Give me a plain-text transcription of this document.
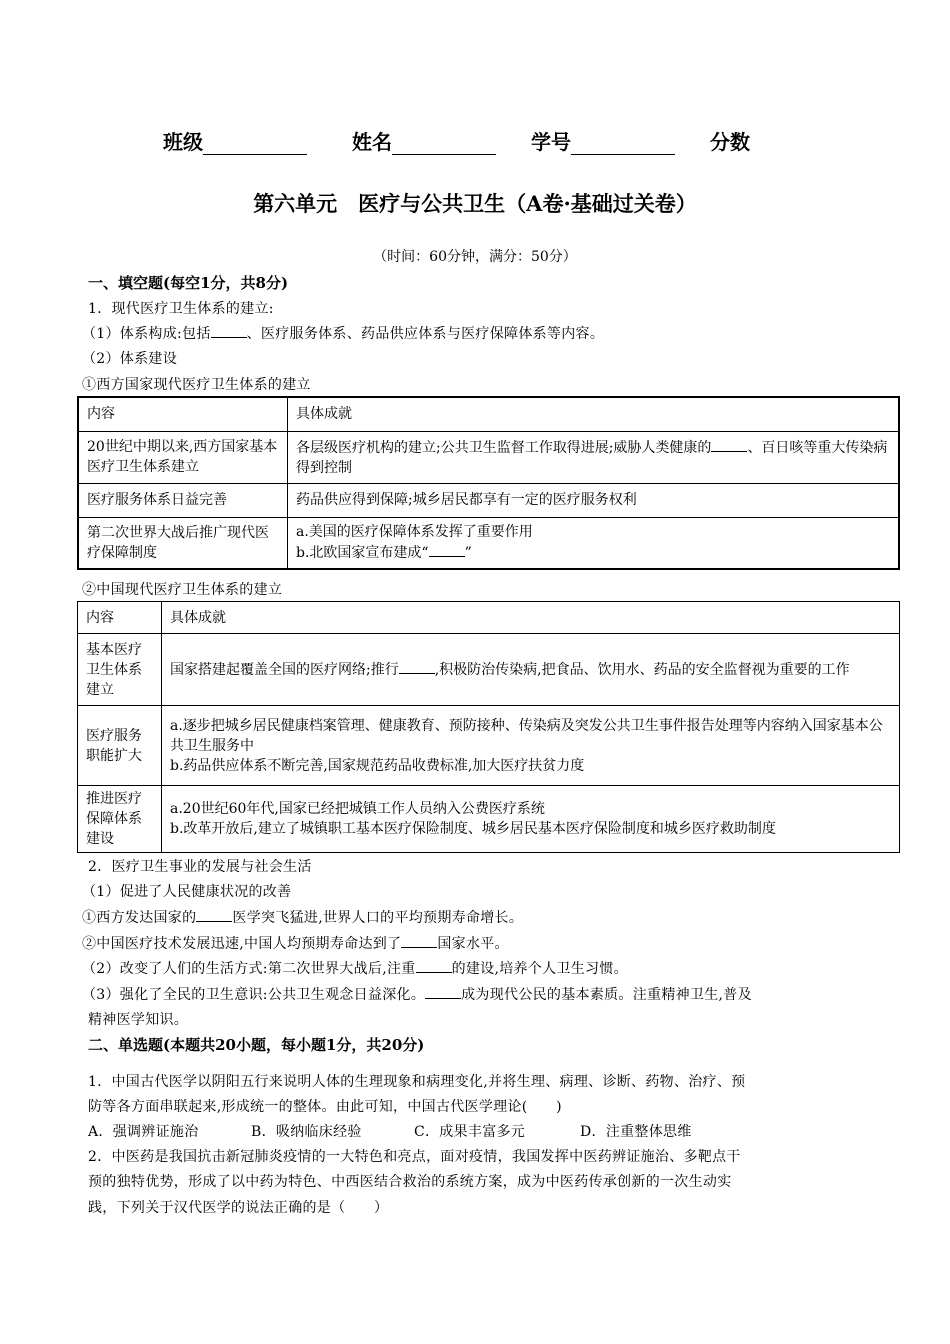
班级	姓名	学号	分数
第六单元　医疗与公共卫生（A卷·基础过关卷）
（时间：60分钟，满分：50分）
一、填空题(每空1分，共8分)
1．现代医疗卫生体系的建立:
（1）体系构成:包括	、医疗服务体系、药品供应体系与医疗保障体系等内容。
（2）体系建设
①西方国家现代医疗卫生体系的建立
内容	具体成就
20世纪中期以来,西方国家基本医疗卫生体系建立	各层级医疗机构的建立;公共卫生监督工作取得进展;威胁人类健康的 、百日咳等重大传染病得到控制
医疗服务体系日益完善	药品供应得到保障;城乡居民都享有一定的医疗服务权利
第二次世界大战后推广现代医疗保障制度	a.美国的医疗保障体系发挥了重要作用
b.北欧国家宣布建成“ ”
②中国现代医疗卫生体系的建立
内容	具体成就
基本医疗卫生体系建立	国家搭建起覆盖全国的医疗网络;推行 ,积极防治传染病,把食品、饮用水、药品的安全监督视为重要的工作
医疗服务职能扩大	a.逐步把城乡居民健康档案管理、健康教育、预防接种、传染病及突发公共卫生事件报告处理等内容纳入国家基本公共卫生服务中
b.药品供应体系不断完善,国家规范药品收费标准,加大医疗扶贫力度

推进医疗保障体系建设	a.20世纪60年代,国家已经把城镇工作人员纳入公费医疗系统
b.改革开放后,建立了城镇职工基本医疗保险制度、城乡居民基本医疗保险制度和城乡医疗救助制度
2．医疗卫生事业的发展与社会生活
（1）促进了人民健康状况的改善
①西方发达国家的	医学突飞猛进,世界人口的平均预期寿命增长。
②中国医疗技术发展迅速,中国人均预期寿命达到了	国家水平。
（2）改变了人们的生活方式:第二次世界大战后,注重	的建设,培养个人卫生习惯。
（3）强化了全民的卫生意识:公共卫生观念日益深化。	成为现代公民的基本素质。注重精神卫生,普及
精神医学知识。
二、单选题(本题共20小题，每小题1分，共20分)
1．中国古代医学以阴阳五行来说明人体的生理现象和病理变化,并将生理、病理、诊断、药物、治疗、预
防等各方面串联起来,形成统一的整体。由此可知，中国古代医学理论(　　)
A．强调辨证施治	B．吸纳临床经验	C．成果丰富多元	D．注重整体思维
2．中医药是我国抗击新冠肺炎疫情的一大特色和亮点，面对疫情，我国发挥中医药辨证施治、多靶点干
预的独特优势，形成了以中药为特色、中西医结合救治的系统方案，成为中医药传承创新的一次生动实
践，下列关于汉代医学的说法正确的是（　　）
